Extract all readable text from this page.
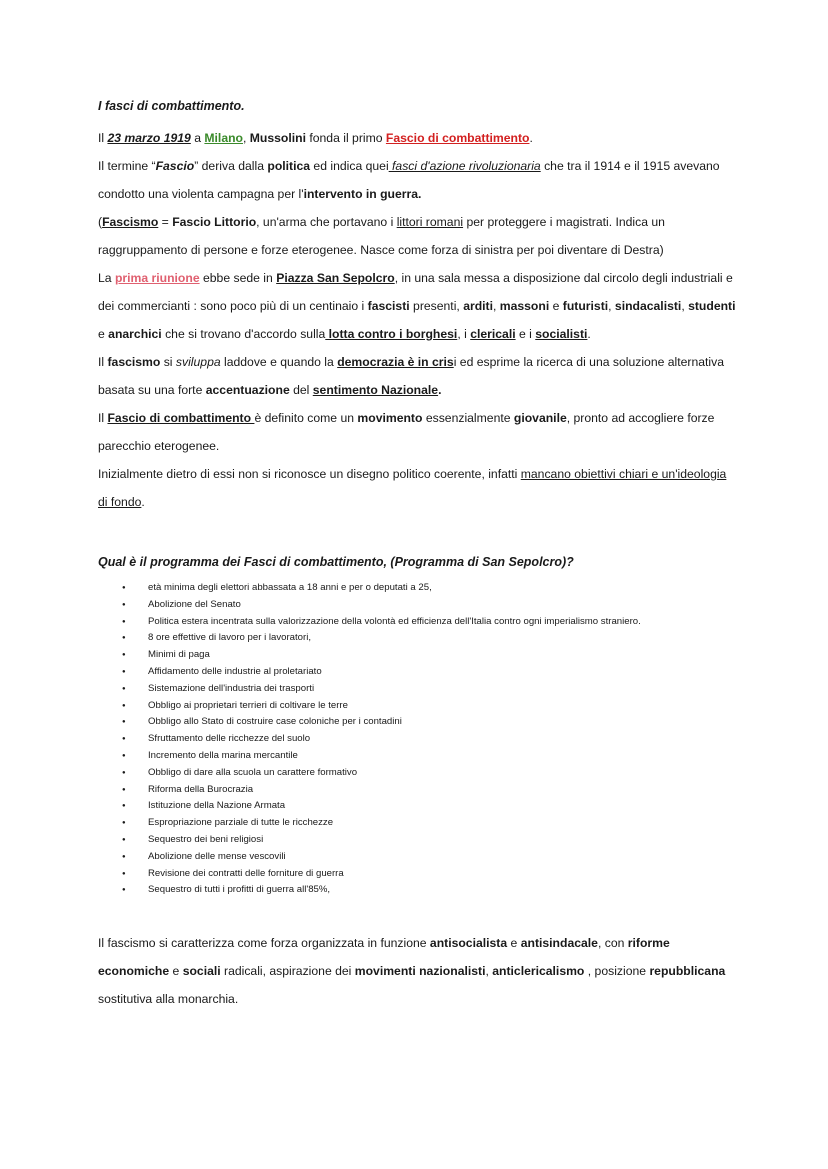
I fasci di combattimento.

Il 23 marzo 1919 a Milano, Mussolini fonda il primo Fascio di combattimento.

Il termine “Fascio” deriva dalla politica ed indica quei fasci d'azione rivoluzionaria che tra il 1914 e il 1915 avevano condotto una violenta campagna per l'intervento in guerra.

(Fascismo = Fascio Littorio, un'arma che portavano i littori romani per proteggere i magistrati. Indica un raggruppamento di persone e forze eterogenee. Nasce come forza di sinistra per poi diventare di Destra)

La prima riunione ebbe sede in Piazza San Sepolcro, in una sala messa a disposizione dal circolo degli industriali e dei commercianti : sono poco più di un centinaio i fascisti presenti, arditi, massoni e futuristi, sindacalisti, studenti e anarchici che si trovano d'accordo sulla lotta contro i borghesi, i clericali e i socialisti.

Il fascismo si sviluppa laddove e quando la democrazia è in crisi ed esprime la ricerca di una soluzione alternativa basata su una forte accentuazione del sentimento Nazionale.

Il Fascio di combattimento è definito come un movimento essenzialmente giovanile, pronto ad accogliere forze parecchio eterogenee.

Inizialmente dietro di essi non si riconosce un disegno politico coerente, infatti mancano obiettivi chiari e un'ideologia di fondo.

Qual è il programma dei Fasci di combattimento, (Programma di San Sepolcro)?
● età minima degli elettori abbassata a 18 anni e per o deputati a 25,
● Abolizione del Senato
● Politica estera incentrata sulla valorizzazione della volontà ed efficienza dell'Italia contro ogni imperialismo straniero.
● 8 ore effettive di lavoro per i lavoratori,
● Minimi di paga
● Affidamento delle industrie al proletariato
● Sistemazione dell'industria dei trasporti
● Obbligo ai proprietari terrieri di coltivare le terre
● Obbligo allo Stato di costruire case coloniche per i contadini
● Sfruttamento delle ricchezze del suolo
● Incremento della marina mercantile
● Obbligo di dare alla scuola un carattere formativo
● Riforma della Burocrazia
● Istituzione della Nazione Armata
● Espropriazione parziale di tutte le ricchezze
● Sequestro dei beni religiosi
● Abolizione delle mense vescovili
● Revisione dei contratti delle forniture di guerra
● Sequestro di tutti i profitti di guerra all'85%,

Il fascismo si caratterizza come forza organizzata in funzione antisocialista e antisindacale, con riforme economiche e sociali radicali, aspirazione dei movimenti nazionalisti, anticlericalismo , posizione repubblicana sostitutiva alla monarchia.
